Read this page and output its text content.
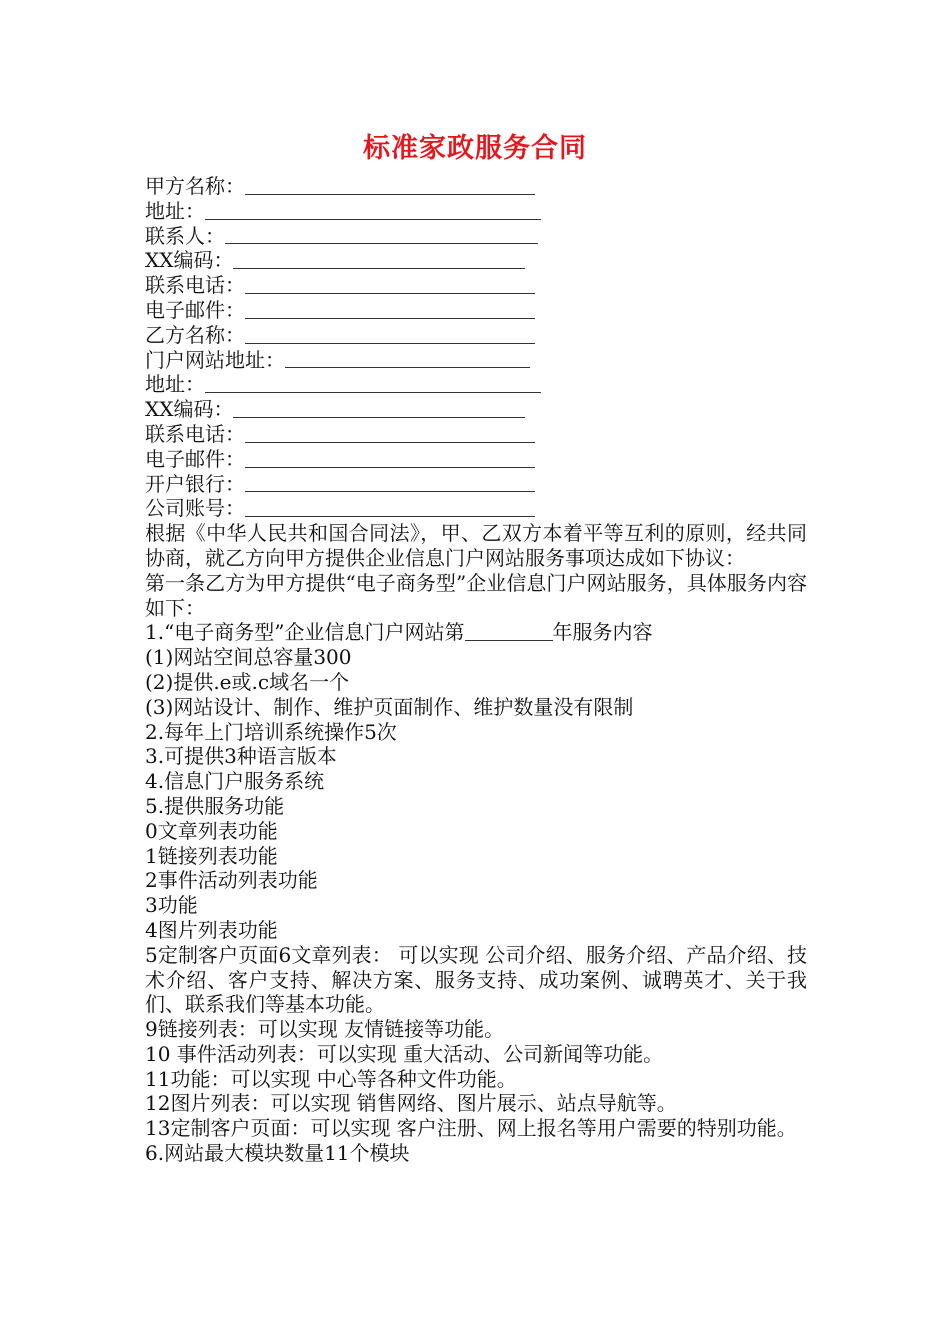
标准家政服务合同
甲方名称：
地址：
联系人：
XX编码：
联系电话：
电子邮件：
乙方名称：
门户网站地址：
地址：
XX编码：
联系电话：
电子邮件：
开户银行：
公司账号：
根据《中华人民共和国合同法》，甲、乙双方本着平等互利的原则，经共同协商，就乙方向甲方提供企业信息门户网站服务事项达成如下协议：
第一条乙方为甲方提供“电子商务型”企业信息门户网站服务，具体服务内容如下：
1.“电子商务型”企业信息门户网站第	年服务内容
(1)网站空间总容量300
(2)提供.e或.c域名一个
(3)网站设计、制作、维护页面制作、维护数量没有限制
2.每年上门培训系统操作5次
3.可提供3种语言版本
4.信息门户服务系统
5.提供服务功能
0文章列表功能
1链接列表功能
2事件活动列表功能
3功能
4图片列表功能
5定制客户页面6文章列表： 可以实现 公司介绍、服务介绍、产品介绍、技术介绍、客户支持、解决方案、服务支持、成功案例、诚聘英才、关于我们、联系我们等基本功能。
9链接列表：可以实现 友情链接等功能。
10 事件活动列表：可以实现 重大活动、公司新闻等功能。
11功能：可以实现 中心等各种文件功能。
12图片列表：可以实现 销售网络、图片展示、站点导航等。
13定制客户页面：可以实现 客户注册、网上报名等用户需要的特别功能。
6.网站最大模块数量11个模块
